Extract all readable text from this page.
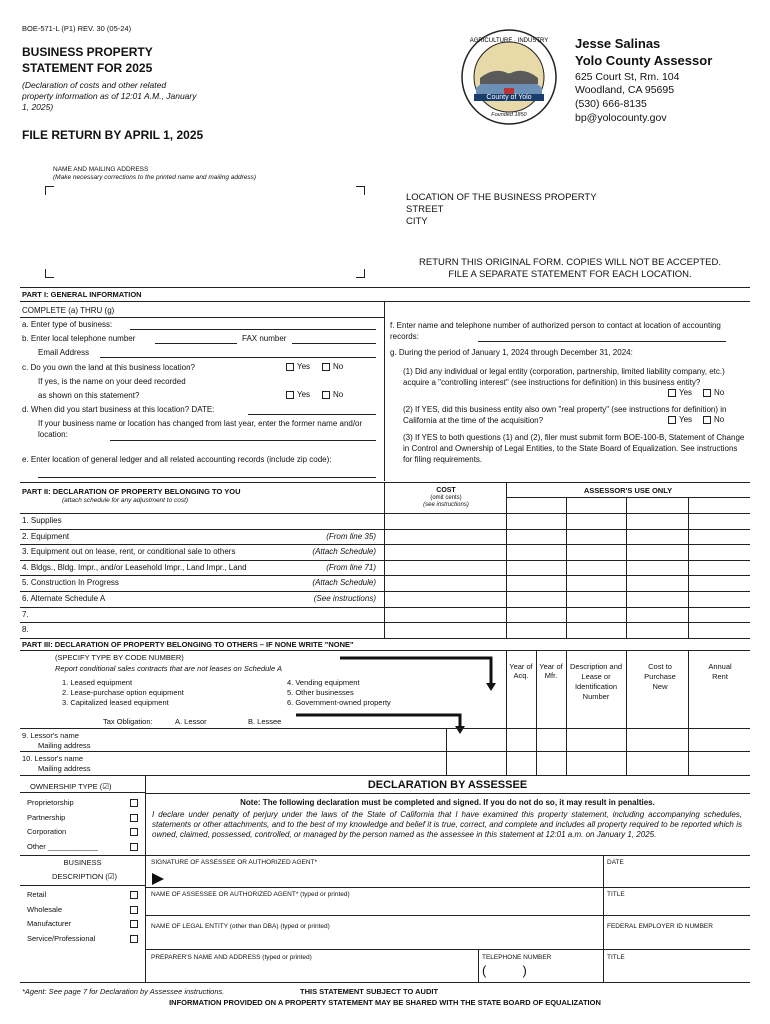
BOE-571-L (P1) REV. 30 (05-24)
BUSINESS PROPERTY
STATEMENT FOR 2025
(Declaration of costs and other related property information as of 12:01 A.M., January 1, 2025)
FILE RETURN BY APRIL 1, 2025
AGRICULTURE · INDUSTRY
County of Yolo
Founded 1850
Jesse Salinas
Yolo County Assessor
625 Court St, Rm. 104
Woodland, CA 95695
(530) 666-8135
bp@yolocounty.gov
NAME AND MAILING ADDRESS
(Make necessary corrections to the printed name and mailing address)
LOCATION OF THE BUSINESS PROPERTY
STREET
CITY
RETURN THIS ORIGINAL FORM. COPIES WILL NOT BE ACCEPTED.
FILE A SEPARATE STATEMENT FOR EACH LOCATION.
PART I: GENERAL INFORMATION
COMPLETE (a) THRU (g)
a. Enter type of business:
b. Enter local telephone number	FAX number
Email Address
c. Do you own the land at this business location?	Yes	No
If yes, is the name on your deed recorded
as shown on this statement?	Yes	No
d. When did you start business at this location? DATE:
If your business name or location has changed from last year, enter the former name and/or location:
e. Enter location of general ledger and all related accounting records (include zip code):
f. Enter name and telephone number of authorized person to contact at location of accounting records:
g. During the period of January 1, 2024 through December 31, 2024:
(1) Did any individual or legal entity (corporation, partnership, limited liability company, etc.) acquire a "controlling interest" (see instructions for definition) in this business entity?
Yes	No
(2) If YES, did this business entity also own "real property" (see instructions for definition) in California at the time of the acquisition?	Yes	No
(3) If YES to both questions (1) and (2), filer must submit form BOE-100-B, Statement of Change in Control and Ownership of Legal Entities, to the State Board of Equalization. See instructions for filing requirements.
PART II: DECLARATION OF PROPERTY BELONGING TO YOU
(attach schedule for any adjustment to cost)
COST
(omit cents)
(see instructions)
ASSESSOR'S USE ONLY
1. Supplies
2. Equipment	(From line 35)
3. Equipment out on lease, rent, or conditional sale to others	(Attach Schedule)
4. Bldgs., Bldg. Impr., and/or Leasehold Impr., Land Impr., Land	(From line 71)
5. Construction In Progress	(Attach Schedule)
6. Alternate Schedule A	(See instructions)
7.
8.
PART III: DECLARATION OF PROPERTY BELONGING TO OTHERS – IF NONE WRITE "NONE"
(SPECIFY TYPE BY CODE NUMBER)
Report conditional sales contracts that are not leases on Schedule A
1. Leased equipment
2. Lease-purchase option equipment
3. Capitalized leased equipment
4. Vending equipment
5. Other businesses
6. Government-owned property
Year of Acq.
Year of Mfr.
Description and Lease or Identification Number
Cost to Purchase New
Annual Rent
Tax Obligation:	A. Lessor	B. Lessee
9. Lessor's name
Mailing address
10. Lessor's name
Mailing address
OWNERSHIP TYPE (☑)
Proprietorship
Partnership
Corporation
Other ____________
BUSINESS
DESCRIPTION (☑)
Retail
Wholesale
Manufacturer
Service/Professional
DECLARATION BY ASSESSEE
Note: The following declaration must be completed and signed. If you do not do so, it may result in penalties.
I declare under penalty of perjury under the laws of the State of California that I have examined this property statement, including accompanying schedules, statements or other attachments, and to the best of my knowledge and belief it is true, correct, and complete and includes all property required to be reported which is owned, claimed, possessed, controlled, or managed by the person named as the assessee in this statement at 12:01 a.m. on January 1, 2025.
SIGNATURE OF ASSESSEE OR AUTHORIZED AGENT*	DATE
NAME OF ASSESSEE OR AUTHORIZED AGENT* (typed or printed)	TITLE
NAME OF LEGAL ENTITY (other than DBA) (typed or printed)	FEDERAL EMPLOYER ID NUMBER
PREPARER'S NAME AND ADDRESS (typed or printed)	TELEPHONE NUMBER
(          )
TITLE
*Agent: See page 7 for Declaration by Assessee instructions.	THIS STATEMENT SUBJECT TO AUDIT
INFORMATION PROVIDED ON A PROPERTY STATEMENT MAY BE SHARED WITH THE STATE BOARD OF EQUALIZATION
